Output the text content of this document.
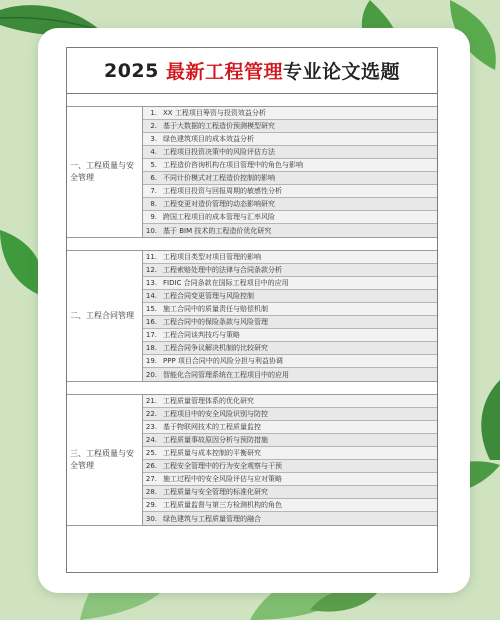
2025
最新工程管理 专业论文选题
一、工程质量与安全管理
1. XX 工程项目筹资与投资效益分析
2. 基于大数据的工程造价预测模型研究
3. 绿色建筑项目的成本效益分析
4. 工程项目投资决策中的风险评估方法
5. 工程造价咨询机构在项目管理中的角色与影响
6. 不同计价模式对工程造价控制的影响
7. 工程项目投资与回报周期的敏感性分析
8. 工程变更对造价管理的动态影响研究
9. 跨国工程项目的成本管理与汇率风险
10. 基于 BIM 技术的工程造价优化研究
二、工程合同管理
11. 工程项目类型对项目管理的影响
12. 工程索赔处理中的法律与合同条款分析
13. FIDIC 合同条款在国际工程项目中的应用
14. 工程合同变更管理与风险控制
15. 施工合同中的质量责任与赔偿机制
16. 工程合同中的保险条款与风险管理
17. 工程合同谈判技巧与策略
18. 工程合同争议解决机制的比较研究
19. PPP 项目合同中的风险分担与利益协调
20. 智能化合同管理系统在工程项目中的应用
三、工程质量与安全管理
21. 工程质量管理体系的优化研究
22. 工程项目中的安全风险识别与防控
23. 基于物联网技术的工程质量监控
24. 工程质量事故原因分析与预防措施
25. 工程质量与成本控制的平衡研究
26. 工程安全管理中的行为安全观察与干预
27. 施工过程中的安全风险评估与应对策略
28. 工程质量与安全管理的标准化研究
29. 工程质量监督与第三方检测机构的角色
30. 绿色建筑与工程质量管理的融合
